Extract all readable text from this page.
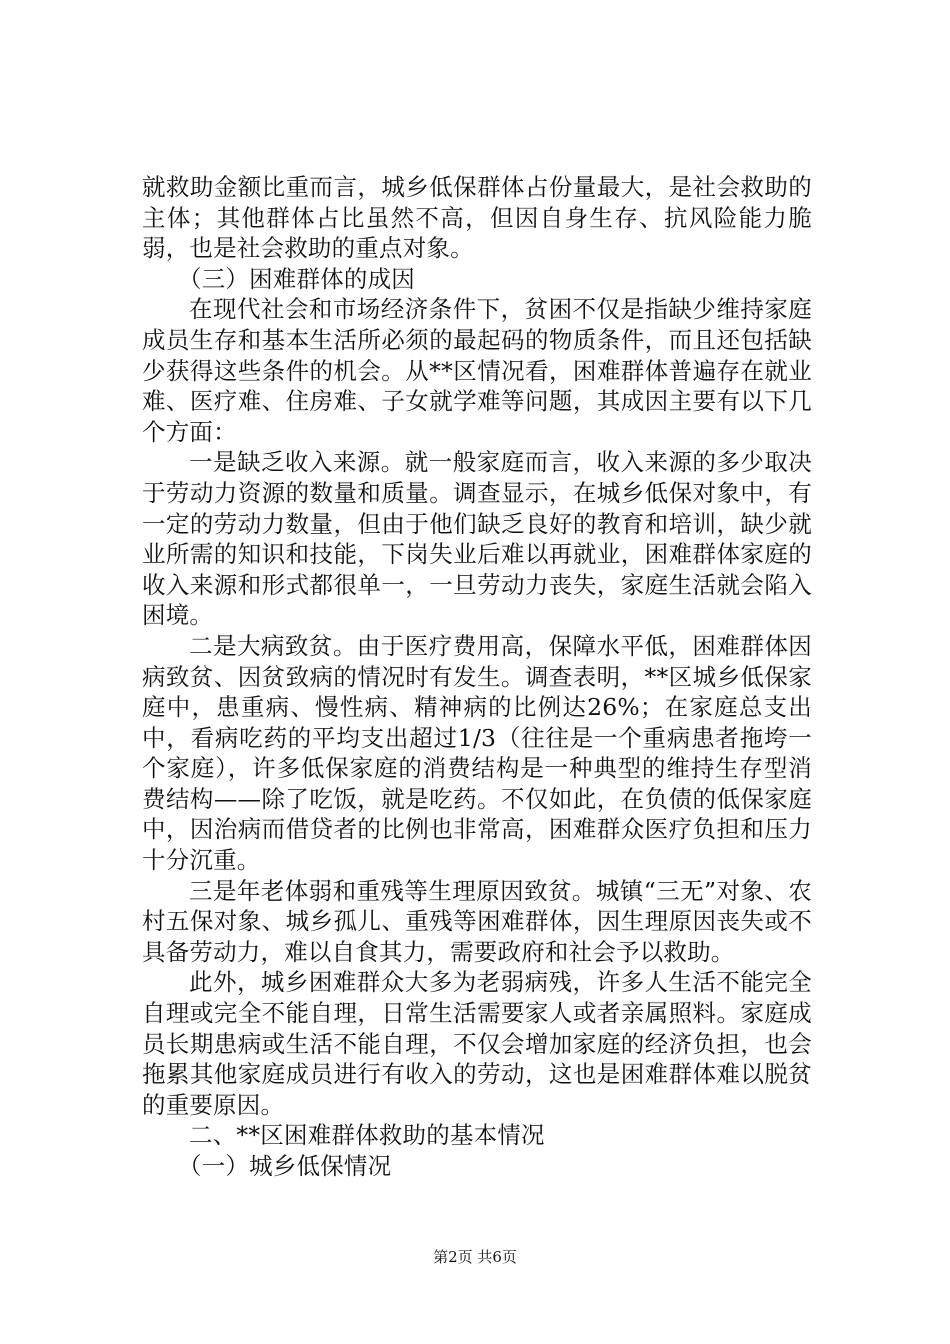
就救助金额比重而言，城乡低保群体占份量最大，是社会救助的主体；其他群体占比虽然不高，但因自身生存、抗风险能力脆弱，也是社会救助的重点对象。

（三）困难群体的成因

在现代社会和市场经济条件下，贫困不仅是指缺少维持家庭成员生存和基本生活所必须的最起码的物质条件，而且还包括缺少获得这些条件的机会。从**区情况看，困难群体普遍存在就业难、医疗难、住房难、子女就学难等问题，其成因主要有以下几个方面：

一是缺乏收入来源。就一般家庭而言，收入来源的多少取决于劳动力资源的数量和质量。调查显示，在城乡低保对象中，有一定的劳动力数量，但由于他们缺乏良好的教育和培训，缺少就业所需的知识和技能，下岗失业后难以再就业，困难群体家庭的收入来源和形式都很单一，一旦劳动力丧失，家庭生活就会陷入困境。

二是大病致贫。由于医疗费用高，保障水平低，困难群体因病致贫、因贫致病的情况时有发生。调查表明，**区城乡低保家庭中，患重病、慢性病、精神病的比例达26%；在家庭总支出中，看病吃药的平均支出超过1/3（往往是一个重病患者拖垮一个家庭），许多低保家庭的消费结构是一种典型的维持生存型消费结构——除了吃饭，就是吃药。不仅如此，在负债的低保家庭中，因治病而借贷者的比例也非常高，困难群众医疗负担和压力十分沉重。

三是年老体弱和重残等生理原因致贫。城镇“三无”对象、农村五保对象、城乡孤儿、重残等困难群体，因生理原因丧失或不具备劳动力，难以自食其力，需要政府和社会予以救助。

此外，城乡困难群众大多为老弱病残，许多人生活不能完全自理或完全不能自理，日常生活需要家人或者亲属照料。家庭成员长期患病或生活不能自理，不仅会增加家庭的经济负担，也会拖累其他家庭成员进行有收入的劳动，这也是困难群体难以脱贫的重要原因。

二、**区困难群体救助的基本情况

（一）城乡低保情况

第2页 共6页
